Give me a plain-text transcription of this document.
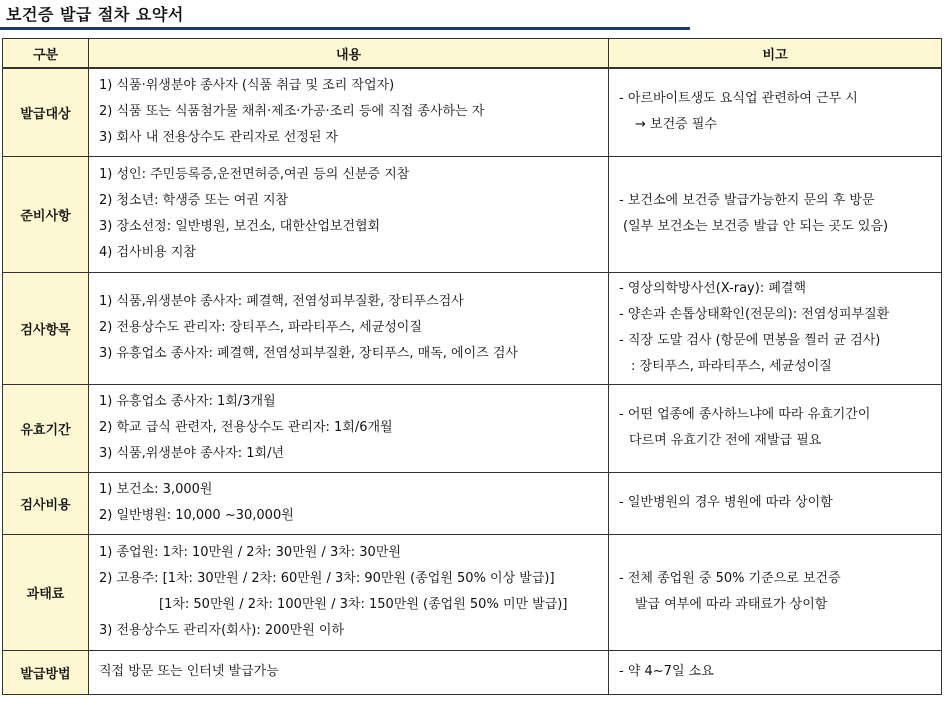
보건증 발급 절차 요약서
구분	내용	비고
발급대상	1) 식품·위생분야 종사자 (식품 취급 및 조리 작업자)
2) 식품 또는 식품첨가물 채취·제조·가공·조리 등에 직접 종사하는 자
3) 회사 내 전용상수도 관리자로 선정된 자	- 아르바이트생도 요식업 관련하여 근무 시
→ 보건증 필수

준비사항	1) 성인: 주민등록증,운전면허증,여권 등의 신분증 지참
2) 청소년: 학생증 또는 여권 지참
3) 장소선정: 일반병원, 보건소, 대한산업보건협회
4) 검사비용 지참	- 보건소에 보건증 발급가능한지 문의 후 방문
(일부 보건소는 보건증 발급 안 되는 곳도 있음)

검사항목	1) 식품,위생분야 종사자: 폐결핵, 전염성피부질환, 장티푸스검사
2) 전용상수도 관리자: 장티푸스, 파라티푸스, 세균성이질
3) 유흥업소 종사자: 폐결핵, 전염성피부질환, 장티푸스, 매독, 에이즈 검사	- 영상의학방사선(X-ray): 폐결핵
- 양손과 손톱상태확인(전문의): 전염성피부질환
- 직장 도말 검사 (항문에 면봉을 찔러 균 검사)
: 장티푸스, 파라티푸스, 세균성이질

유효기간	1) 유흥업소 종사자: 1회/3개월
2) 학교 급식 관련자, 전용상수도 관리자: 1회/6개월
3) 식품,위생분야 종사자: 1회/년	- 어떤 업종에 종사하느냐에 따라 유효기간이
다르며 유효기간 전에 재발급 필요

검사비용	1) 보건소: 3,000원
2) 일반병원: 10,000 ~30,000원	- 일반병원의 경우 병원에 따라 상이함

과태료	1) 종업원: 1차: 10만원 / 2차: 30만원 / 3차: 30만원
2) 고용주: [1차: 30만원 / 2차: 60만원 / 3차: 90만원 (종업원 50% 이상 발급)]
[1차: 50만원 / 2차: 100만원 / 3차: 150만원 (종업원 50% 미만 발급)]
3) 전용상수도 관리자(회사): 200만원 이하	- 전체 종업원 중 50% 기준으로 보건증
발급 여부에 따라 과태료가 상이함

발급방법	직접 방문 또는 인터넷 발급가능	- 약 4~7일 소요
